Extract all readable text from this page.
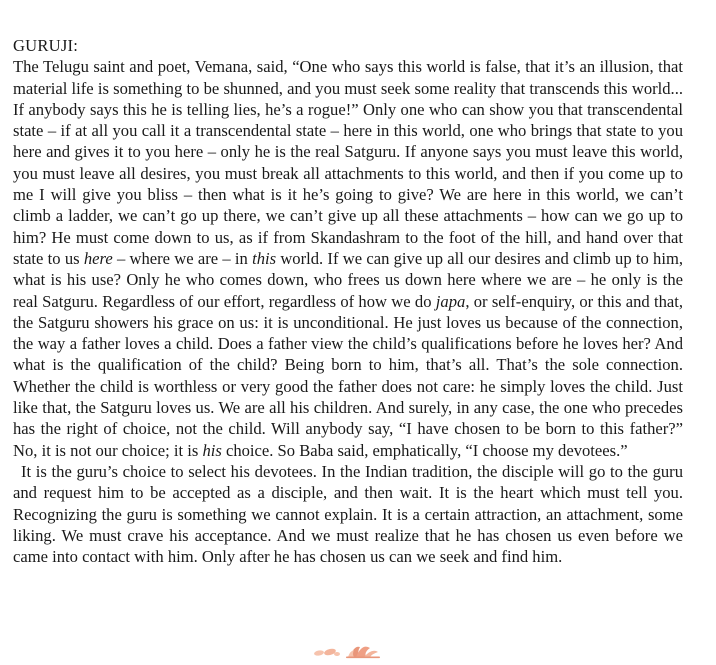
GURUJI:

The Telugu saint and poet, Vemana, said, “One who says this world is false, that it’s an illusion, that material life is something to be shunned, and you must seek some reality that transcends this world... If anybody says this he is telling lies, he’s a rogue!” Only one who can show you that transcendental state – if at all you call it a transcendental state – here in this world, one who brings that state to you here and gives it to you here – only he is the real Satguru. If anyone says you must leave this world, you must leave all desires, you must break all attachments to this world, and then if you come up to me I will give you bliss – then what is it he’s going to give? We are here in this world, we can’t climb a ladder, we can’t go up there, we can’t give up all these attachments – how can we go up to him? He must come down to us, as if from Skandashram to the foot of the hill, and hand over that state to us here – where we are – in this world. If we can give up all our desires and climb up to him, what is his use? Only he who comes down, who frees us down here where we are – he only is the real Satguru. Regardless of our effort, regardless of how we do japa, or self-enquiry, or this and that, the Satguru showers his grace on us: it is unconditional. He just loves us because of the connection, the way a father loves a child. Does a father view the child’s qualifications before he loves her? And what is the qualification of the child? Being born to him, that’s all. That’s the sole connection. Whether the child is worthless or very good the father does not care: he simply loves the child. Just like that, the Satguru loves us. We are all his children. And surely, in any case, the one who precedes has the right of choice, not the child. Will anybody say, “I have chosen to be born to this father?” No, it is not our choice; it is his choice. So Baba said, emphatically, “I choose my devotees.”

It is the guru’s choice to select his devotees. In the Indian tradition, the disciple will go to the guru and request him to be accepted as a disciple, and then wait. It is the heart which must tell you. Recognizing the guru is something we cannot explain. It is a certain attraction, an attachment, some liking. We must crave his acceptance. And we must realize that he has chosen us even before we came into contact with him. Only after he has chosen us can we seek and find him.
